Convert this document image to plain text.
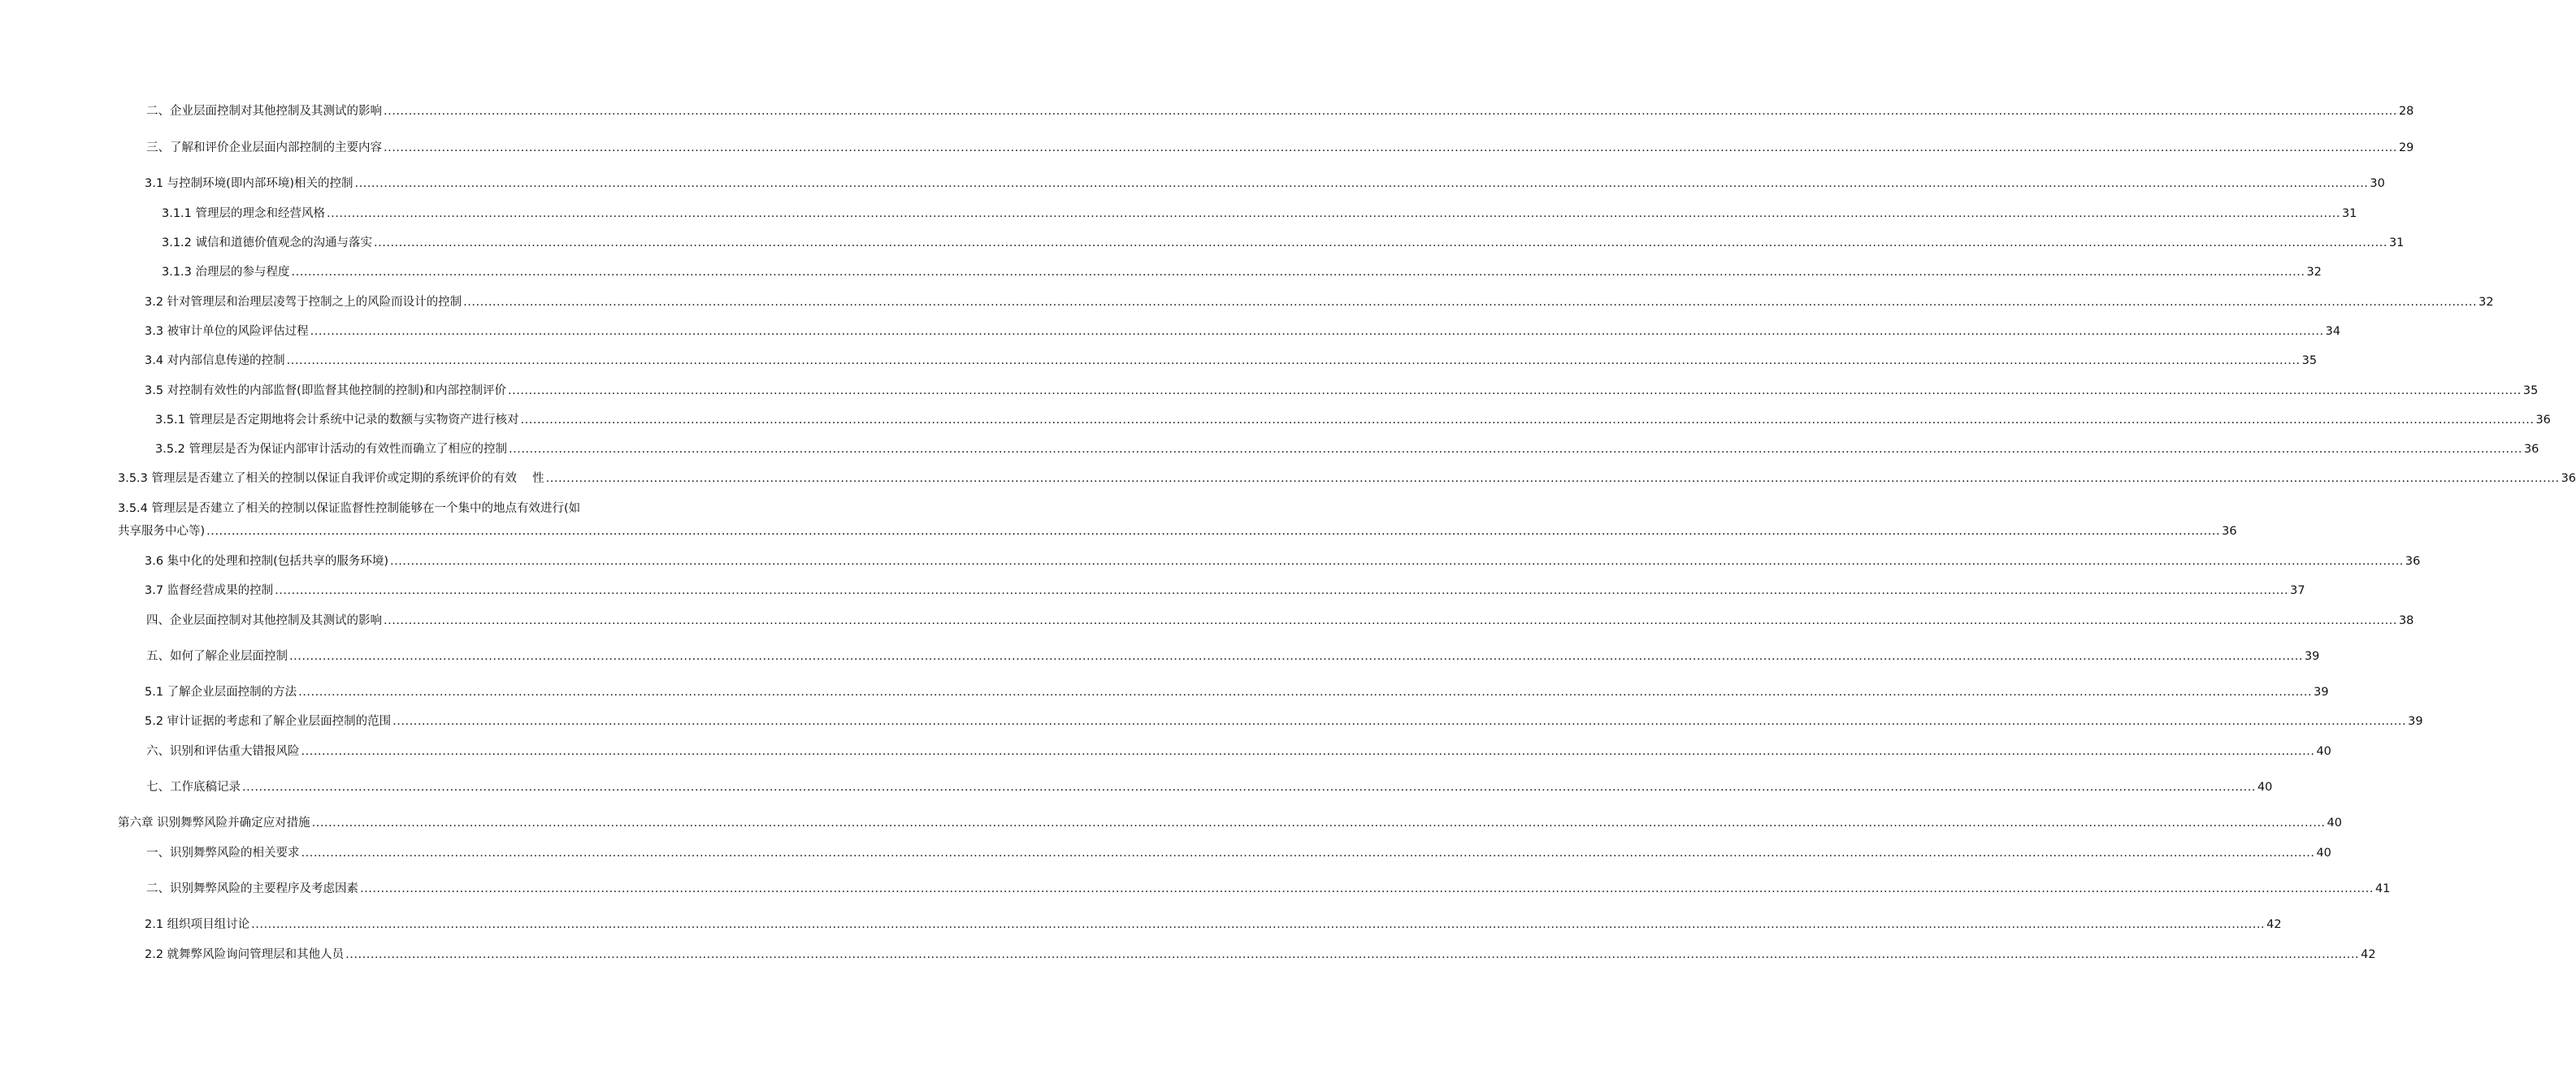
二、企业层面控制对其他控制及其测试的影响 .....	28
三、了解和评价企业层面内部控制的主要内容 .....	29
3.1 与控制环境(即内部环境)相关的控制 .....	30
3.1.1 管理层的理念和经营风格 .....	31
3.1.2 诚信和道德价值观念的沟通与落实 .....	31
3.1.3 治理层的参与程度 .....	32
3.2 针对管理层和治理层凌驾于控制之上的风险而设计的控制 .....	32
3.3 被审计单位的风险评估过程 .....	34
3.4 对内部信息传递的控制 .....	35
3.5 对控制有效性的内部监督(即监督其他控制的控制)和内部控制评价 .....	35
3.5.1 管理层是否定期地将会计系统中记录的数额与实物资产进行核对 .....	36
3.5.2 管理层是否为保证内部审计活动的有效性而确立了相应的控制 .....	36
3.5.3 管理层是否建立了相关的控制以保证自我评价或定期的系统评价的有效　 性 .....	36
3.5.4 管理层是否建立了相关的控制以保证监督性控制能够在一个集中的地点有效进行(如
共享服务中心等) .....	36
3.6 集中化的处理和控制(包括共享的服务环境) .....	36
3.7 监督经营成果的控制 .....	37
四、企业层面控制对其他控制及其测试的影响 .....	38
五、如何了解企业层面控制 .....	39
5.1 了解企业层面控制的方法 .....	39
5.2 审计证据的考虑和了解企业层面控制的范围 .....	39
六、识别和评估重大错报风险 .....	40
七、工作底稿记录 .....	40
第六章 识别舞弊风险并确定应对措施 .....	40
一、识别舞弊风险的相关要求 .....	40
二、识别舞弊风险的主要程序及考虑因素 .....	41
2.1 组织项目组讨论 .....	42
2.2 就舞弊风险询问管理层和其他人员 .....	42
